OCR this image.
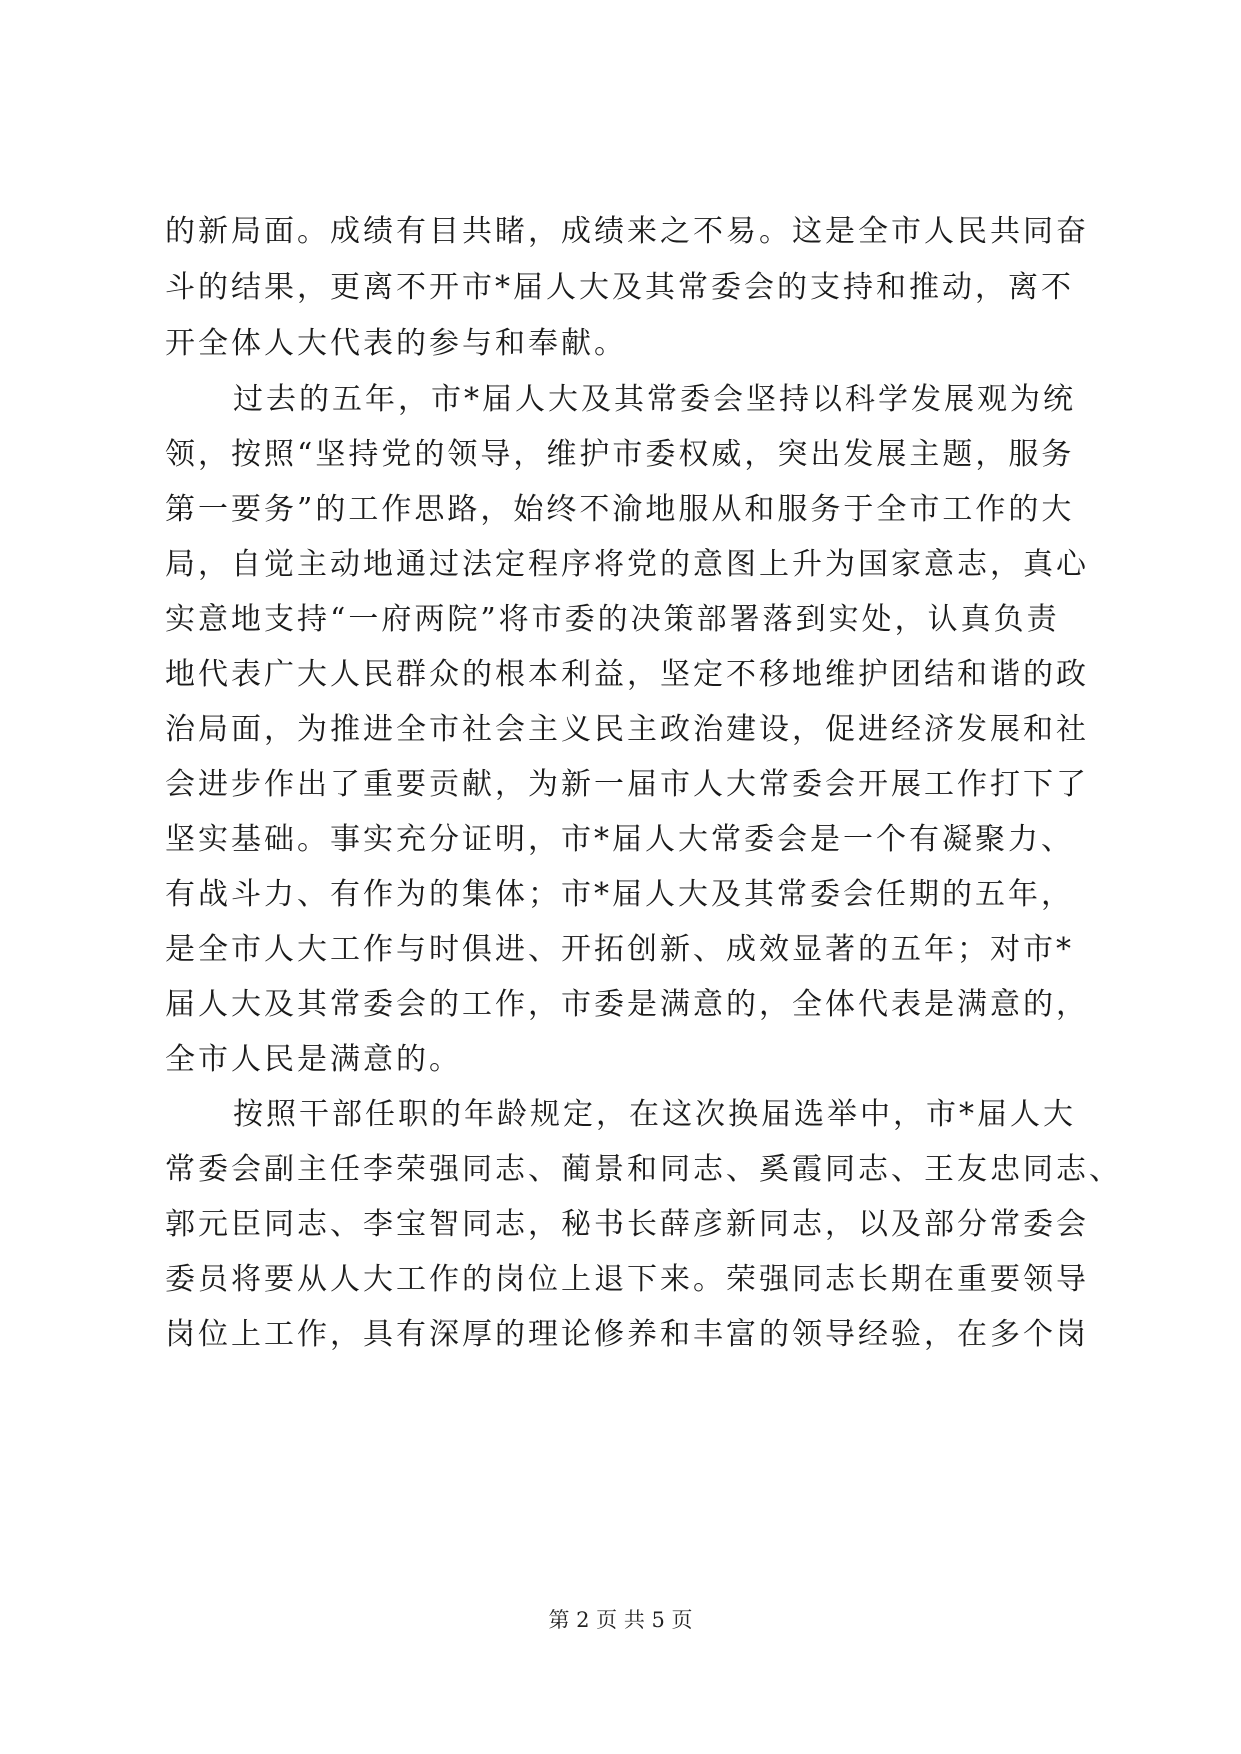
的新局面。成绩有目共睹，成绩来之不易。这是全市人民共同奋
斗的结果，更离不开市*届人大及其常委会的支持和推动，离不
开全体人大代表的参与和奉献。
过去的五年，市*届人大及其常委会坚持以科学发展观为统
领，按照“坚持党的领导，维护市委权威，突出发展主题，服务
第一要务”的工作思路，始终不渝地服从和服务于全市工作的大
局，自觉主动地通过法定程序将党的意图上升为国家意志，真心
实意地支持“一府两院”将市委的决策部署落到实处，认真负责
地代表广大人民群众的根本利益，坚定不移地维护团结和谐的政
治局面，为推进全市社会主义民主政治建设，促进经济发展和社
会进步作出了重要贡献，为新一届市人大常委会开展工作打下了
坚实基础。事实充分证明，市*届人大常委会是一个有凝聚力、
有战斗力、有作为的集体；市*届人大及其常委会任期的五年，
是全市人大工作与时俱进、开拓创新、成效显著的五年；对市*
届人大及其常委会的工作，市委是满意的，全体代表是满意的，
全市人民是满意的。
按照干部任职的年龄规定，在这次换届选举中，市*届人大
常委会副主任李荣强同志、蔺景和同志、奚霞同志、王友忠同志、
郭元臣同志、李宝智同志，秘书长薛彦新同志，以及部分常委会
委员将要从人大工作的岗位上退下来。荣强同志长期在重要领导
岗位上工作，具有深厚的理论修养和丰富的领导经验，在多个岗
第 2 页 共 5 页
